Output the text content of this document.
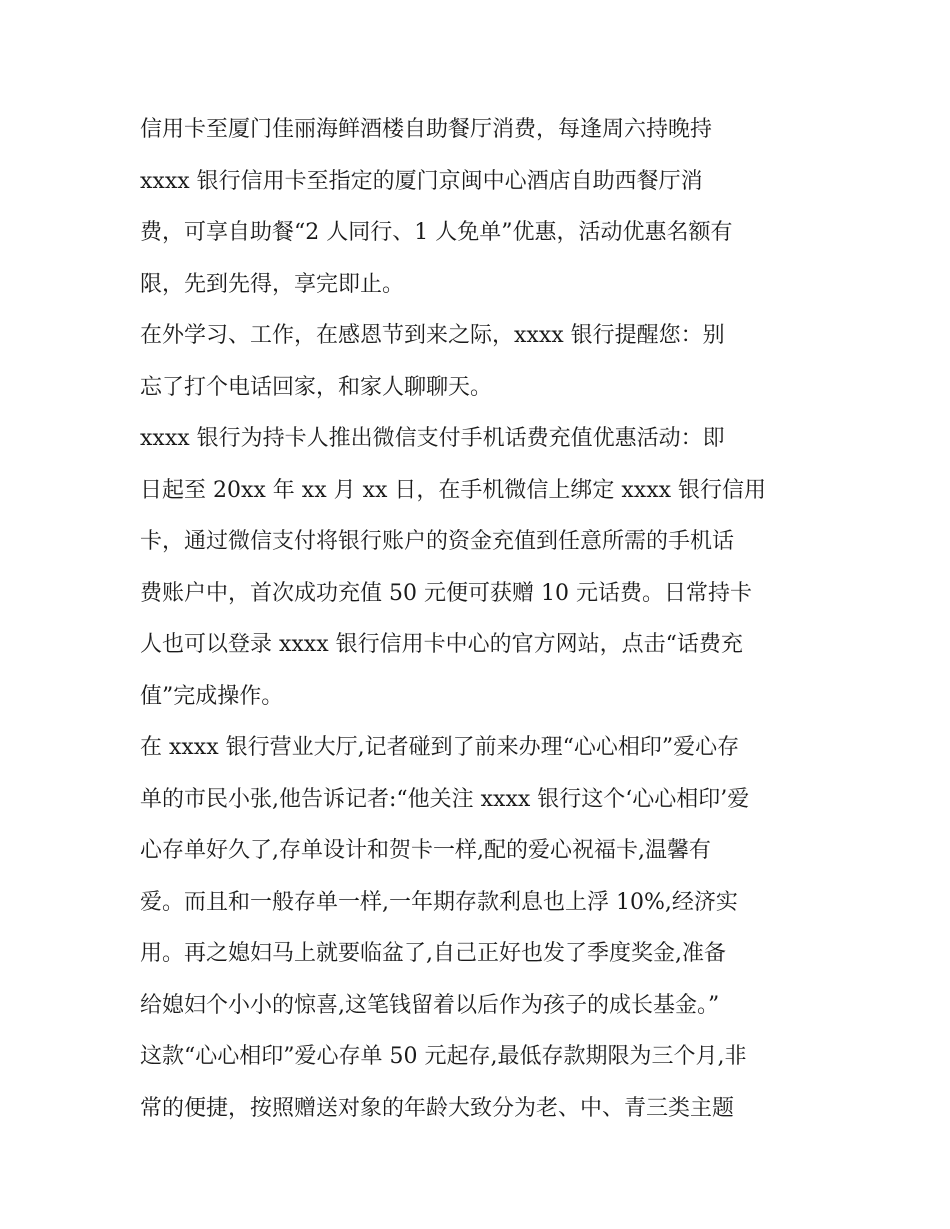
信用卡至厦门佳丽海鲜酒楼自助餐厅消费，每逢周六持晚持
xxxx 银行信用卡至指定的厦门京闽中心酒店自助西餐厅消
费，可享自助餐“2 人同行、1 人免单”优惠，活动优惠名额有
限，先到先得，享完即止。
在外学习、工作，在感恩节到来之际，xxxx 银行提醒您：别
忘了打个电话回家，和家人聊聊天。
xxxx 银行为持卡人推出微信支付手机话费充值优惠活动：即
日起至 20xx 年 xx 月 xx 日，在手机微信上绑定 xxxx 银行信用
卡，通过微信支付将银行账户的资金充值到任意所需的手机话
费账户中，首次成功充值 50 元便可获赠 10 元话费。日常持卡
人也可以登录 xxxx 银行信用卡中心的官方网站，点击“话费充
值”完成操作。
在 xxxx 银行营业大厅,记者碰到了前来办理“心心相印”爱心存
单的市民小张,他告诉记者:“他关注 xxxx 银行这个‘心心相印’爱
心存单好久了,存单设计和贺卡一样,配的爱心祝福卡,温馨有
爱。而且和一般存单一样,一年期存款利息也上浮 10%,经济实
用。再之媳妇马上就要临盆了,自己正好也发了季度奖金,准备
给媳妇个小小的惊喜,这笔钱留着以后作为孩子的成长基金。”
这款“心心相印”爱心存单 50 元起存,最低存款期限为三个月,非
常的便捷，按照赠送对象的年龄大致分为老、中、青三类主题
